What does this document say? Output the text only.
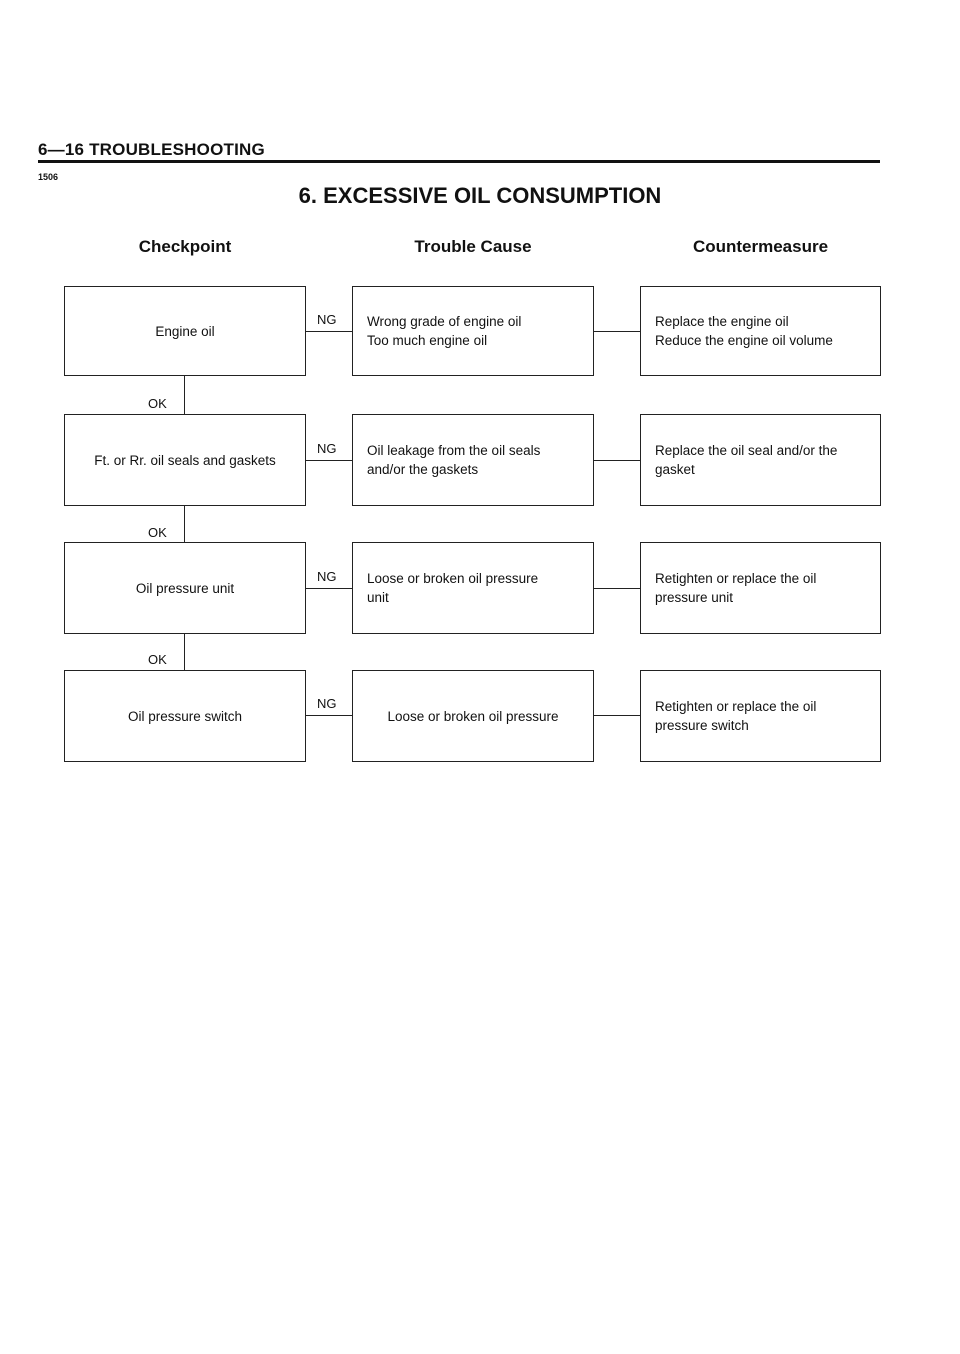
6—16 TROUBLESHOOTING
1506
6. EXCESSIVE OIL CONSUMPTION
Checkpoint	Trouble Cause	Countermeasure
Engine oil
NG Wrong grade of engine oil
Too much engine oil
Replace the engine oil
Reduce the engine oil volume
OK
Ft. or Rr. oil seals and gaskets
NG Oil leakage from the oil seals
and/or the gaskets
Replace the oil seal and/or the
gasket
OK
Oil pressure unit
NG Loose or broken oil pressure
unit
Retighten or replace the oil
pressure unit
OK
Oil pressure switch
NG
Loose or broken oil pressure
Retighten or replace the oil
pressure switch
